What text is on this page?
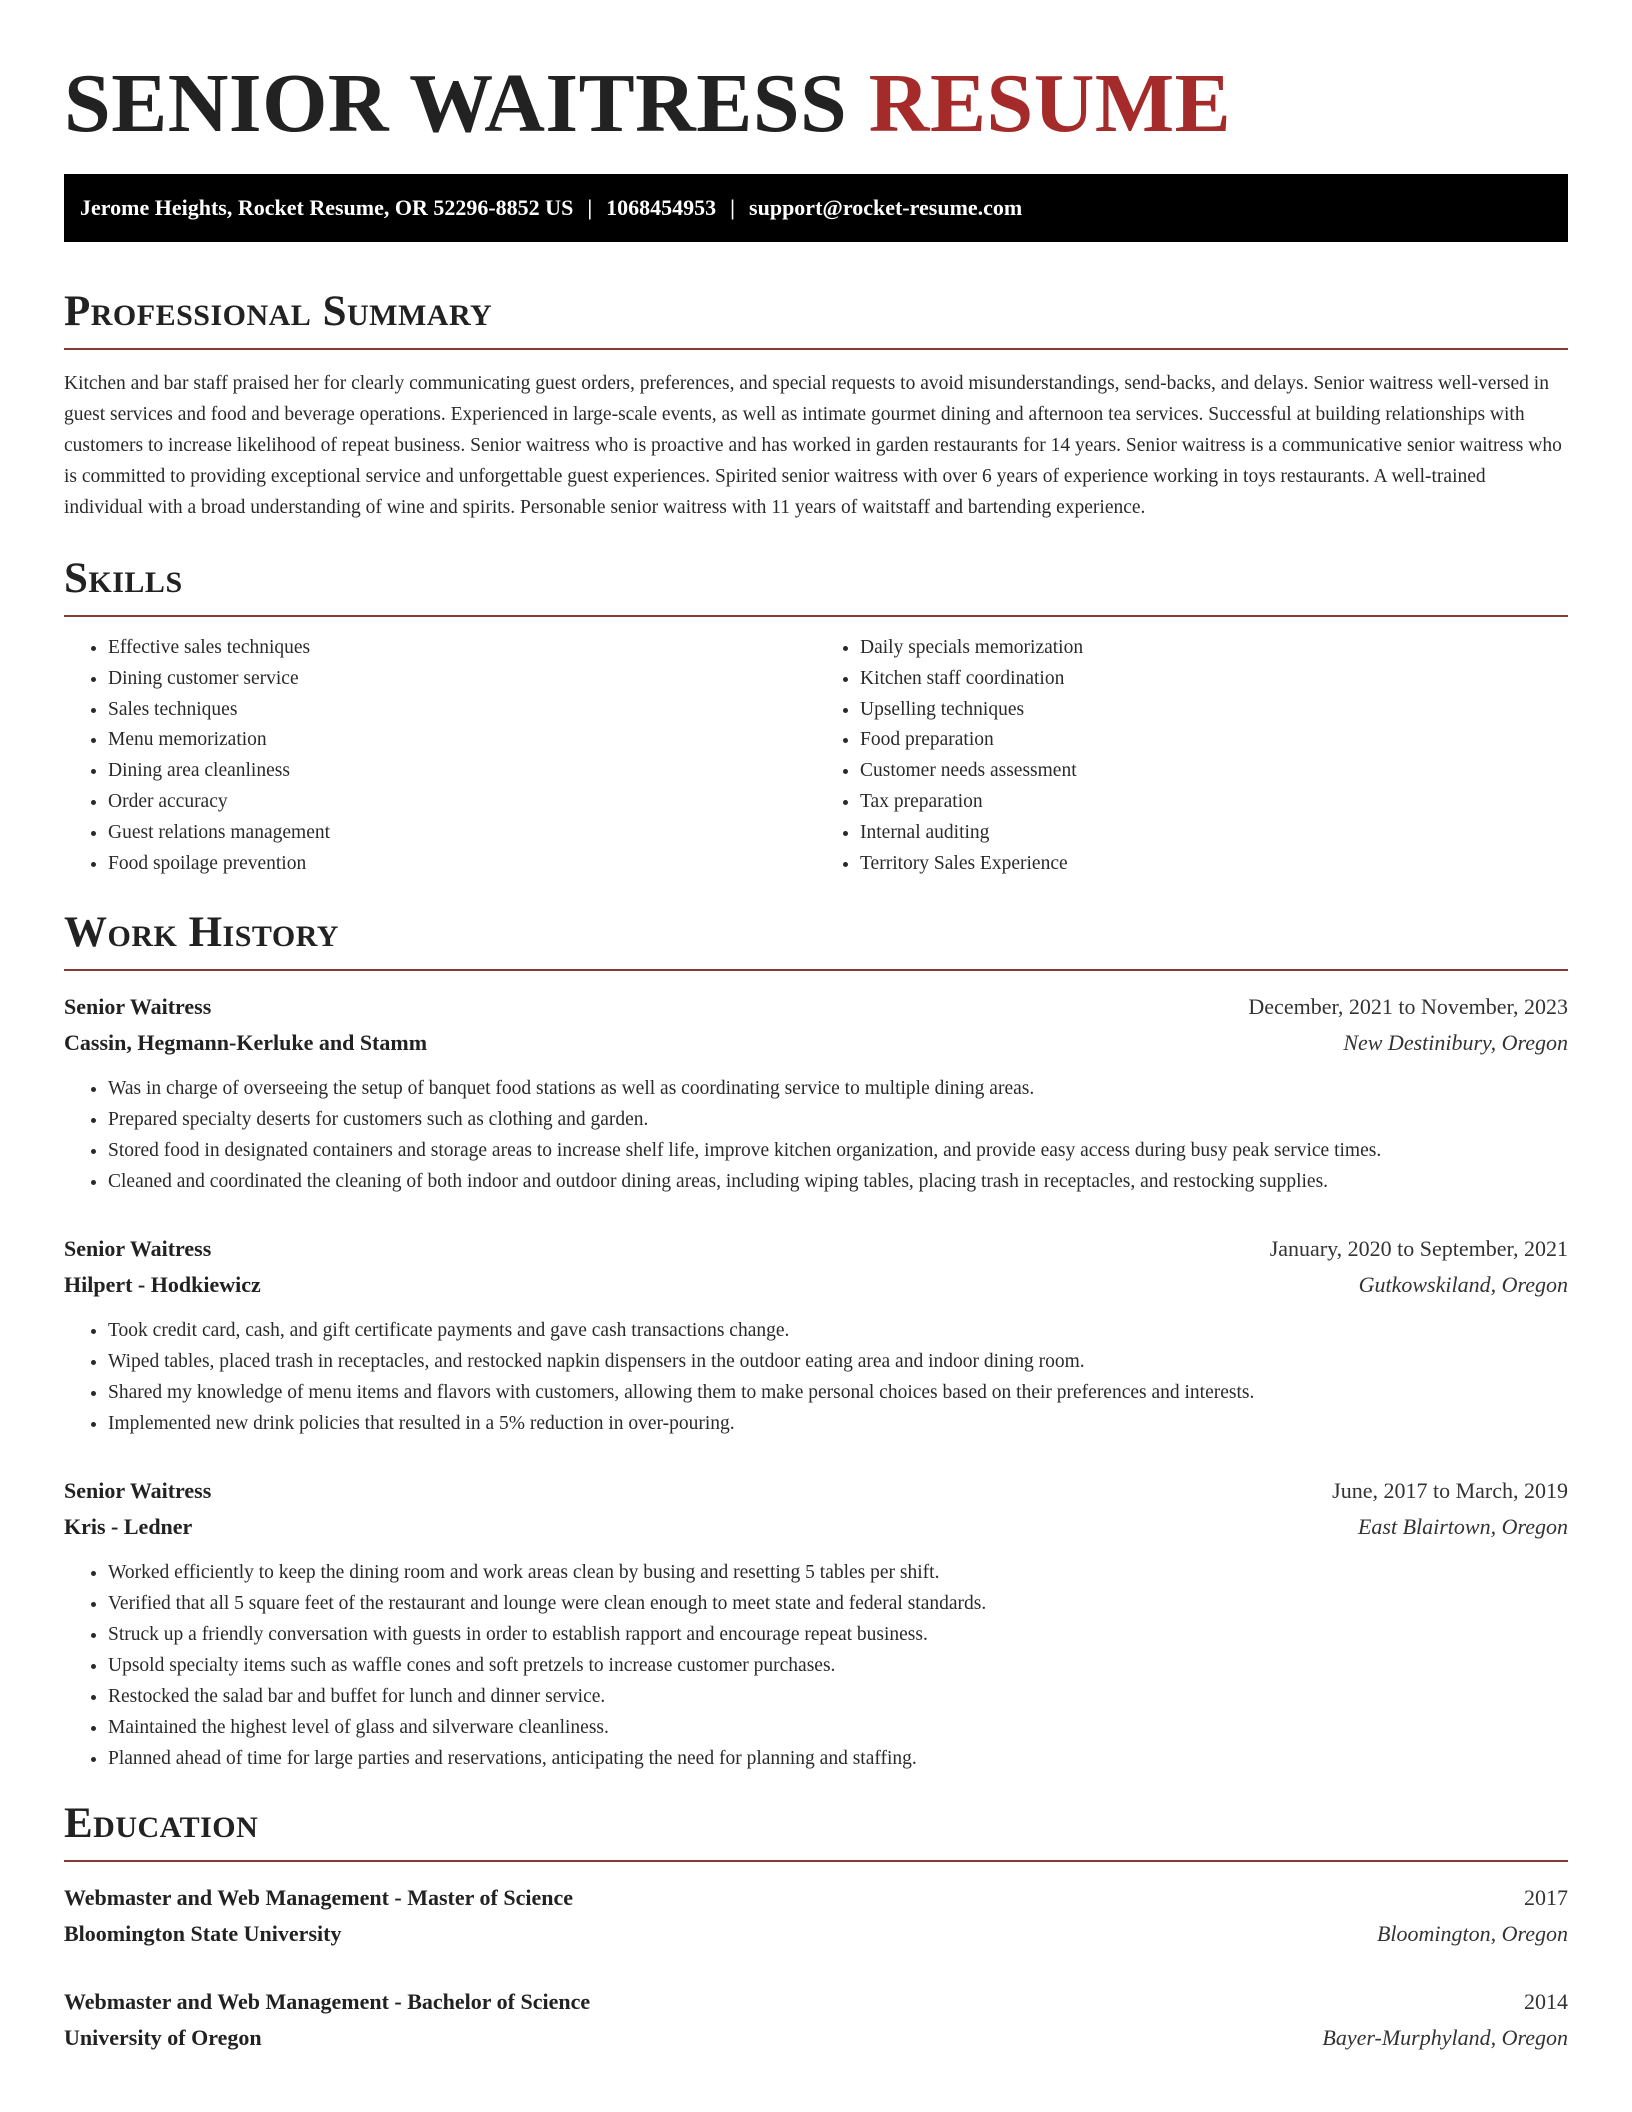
SENIOR WAITRESS RESUME
Jerome Heights, Rocket Resume, OR 52296-8852 US | 1068454953 | support@rocket-resume.com
Professional Summary

Kitchen and bar staff praised her for clearly communicating guest orders, preferences, and special requests to avoid misunderstandings, send-backs, and delays. Senior waitress well-versed in guest services and food and beverage operations. Experienced in large-scale events, as well as intimate gourmet dining and afternoon tea services. Successful at building relationships with customers to increase likelihood of repeat business. Senior waitress who is proactive and has worked in garden restaurants for 14 years. Senior waitress is a communicative senior waitress who is committed to providing exceptional service and unforgettable guest experiences. Spirited senior waitress with over 6 years of experience working in toys restaurants. A well-trained individual with a broad understanding of wine and spirits. Personable senior waitress with 11 years of waitstaff and bartending experience.

Skills
• Effective sales techniques
• Dining customer service
• Sales techniques
• Menu memorization
• Dining area cleanliness
• Order accuracy
• Guest relations management
• Food spoilage prevention
• Daily specials memorization
• Kitchen staff coordination
• Upselling techniques
• Food preparation
• Customer needs assessment
• Tax preparation
• Internal auditing
• Territory Sales Experience
Work History
Senior Waitress	December, 2021 to November, 2023
Cassin, Hegmann-Kerluke and Stamm	New Destinibury, Oregon
• Was in charge of overseeing the setup of banquet food stations as well as coordinating service to multiple dining areas.
• Prepared specialty deserts for customers such as clothing and garden.
• Stored food in designated containers and storage areas to increase shelf life, improve kitchen organization, and provide easy access during busy peak service times.
• Cleaned and coordinated the cleaning of both indoor and outdoor dining areas, including wiping tables, placing trash in receptacles, and restocking supplies.
Senior Waitress	January, 2020 to September, 2021
Hilpert - Hodkiewicz	Gutkowskiland, Oregon
• Took credit card, cash, and gift certificate payments and gave cash transactions change.
• Wiped tables, placed trash in receptacles, and restocked napkin dispensers in the outdoor eating area and indoor dining room.
• Shared my knowledge of menu items and flavors with customers, allowing them to make personal choices based on their preferences and interests.
• Implemented new drink policies that resulted in a 5% reduction in over-pouring.
Senior Waitress	June, 2017 to March, 2019
Kris - Ledner	East Blairtown, Oregon
• Worked efficiently to keep the dining room and work areas clean by busing and resetting 5 tables per shift.
• Verified that all 5 square feet of the restaurant and lounge were clean enough to meet state and federal standards.
• Struck up a friendly conversation with guests in order to establish rapport and encourage repeat business.
• Upsold specialty items such as waffle cones and soft pretzels to increase customer purchases.
• Restocked the salad bar and buffet for lunch and dinner service.
• Maintained the highest level of glass and silverware cleanliness.
• Planned ahead of time for large parties and reservations, anticipating the need for planning and staffing.
Education
Webmaster and Web Management - Master of Science	2017
Bloomington State University	Bloomington, Oregon
Webmaster and Web Management - Bachelor of Science	2014
University of Oregon	Bayer-Murphyland, Oregon
